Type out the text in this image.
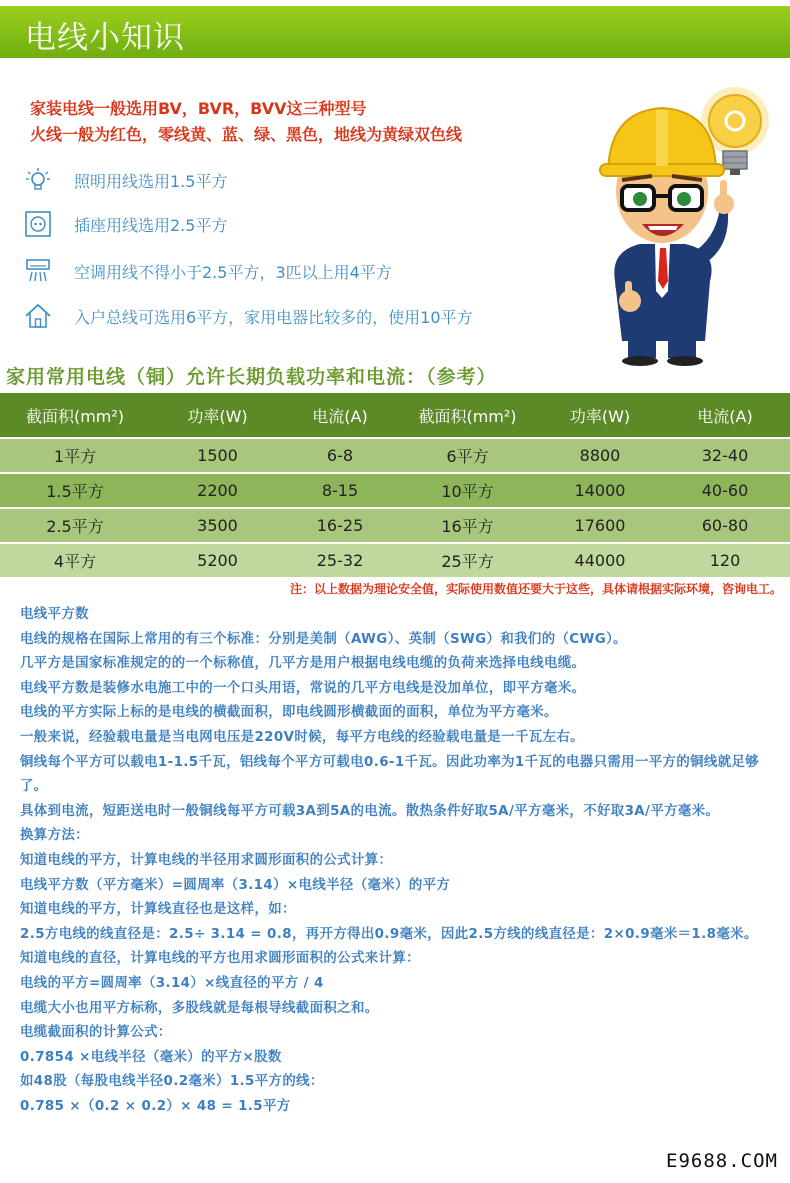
电线小知识
家装电线一般选用BV，BVR，BVV这三种型号
火线一般为红色，零线黄、蓝、绿、黑色，地线为黄绿双色线
照明用线选用1.5平方
插座用线选用2.5平方
空调用线不得小于2.5平方，3匹以上用4平方
入户总线可选用6平方，家用电器比较多的，使用10平方
家用常用电线（铜）允许长期负载功率和电流：（参考）
截面积(mm²)	功率(W)	电流(A)	截面积(mm²)	功率(W)	电流(A)
1平方	1500	6-8	6平方	8800	32-40
1.5平方	2200	8-15	10平方	14000	40-60
2.5平方	3500	16-25	16平方	17600	60-80
4平方	5200	25-32	25平方	44000	120
注：以上数据为理论安全值，实际使用数值还要大于这些，具体请根据实际环境，咨询电工。

电线平方数

电线的规格在国际上常用的有三个标准：分别是美制（AWG）、英制（SWG）和我们的（CWG）。

几平方是国家标准规定的的一个标称值，几平方是用户根据电线电缆的负荷来选择电线电缆。

电线平方数是装修水电施工中的一个口头用语，常说的几平方电线是没加单位，即平方毫米。

电线的平方实际上标的是电线的横截面积，即电线圆形横截面的面积，单位为平方毫米。

一般来说，经验载电量是当电网电压是220V时候，每平方电线的经验载电量是一千瓦左右。

铜线每个平方可以载电1-1.5千瓦，铝线每个平方可载电0.6-1千瓦。因此功率为1千瓦的电器只需用一平方的铜线就足够了。

具体到电流，短距送电时一般铜线每平方可载3A到5A的电流。散热条件好取5A/平方毫米，不好取3A/平方毫米。

换算方法：

知道电线的平方，计算电线的半径用求圆形面积的公式计算：

电线平方数（平方毫米）=圆周率（3.14）×电线半径（毫米）的平方

知道电线的平方，计算线直径也是这样，如：

2.5方电线的线直径是：2.5÷ 3.14 = 0.8，再开方得出0.9毫米，因此2.5方线的线直径是：2×0.9毫米＝1.8毫米。

知道电线的直径，计算电线的平方也用求圆形面积的公式来计算：

电线的平方=圆周率（3.14）×线直径的平方 / 4

电缆大小也用平方标称，多股线就是每根导线截面积之和。

电缆截面积的计算公式：

0.7854 ×电线半径（毫米）的平方×股数

如48股（每股电线半径0.2毫米）1.5平方的线：

0.785 ×（0.2 × 0.2）× 48 = 1.5平方

E9688.COM
